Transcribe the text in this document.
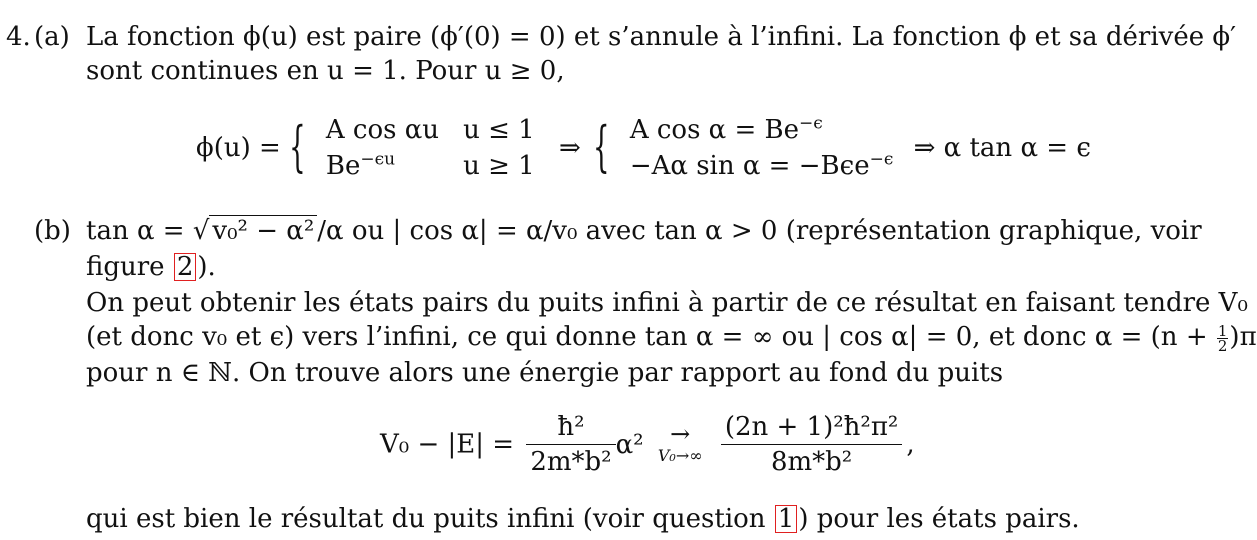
4. (a) La fonction ϕ(u) est paire (ϕ′(0) = 0) et s’annule à l’infini. La fonction ϕ et sa dérivée ϕ′
sont continues en u = 1. Pour u ≥ 0,
ϕ(u) = { A cos αu	u ≤ 1
$Be^{-\epsilon u}$	u ≥ 1 ⇒ { A $\cos \alpha = Be^{-\epsilon}$
−Aα sin α = −Bϵe$^{-\epsilon}$ ⇒ α tan α = ϵ
(b) tan α = √ v₀² − α² /α ou | cos α| = α/v₀ avec tan α > 0 (représentation graphique, voir
figure 2 ).
On peut obtenir les états pairs du puits infini à partir de ce résultat en faisant tendre V₀
(et donc v₀ et ϵ) vers l’infini, ce qui donne tan α = ∞ ou | cos α| = 0, et donc $\alpha = (n + \frac{1}{2} )\pi$
pour n ∈ ℕ. On trouve alors une énergie par rapport au fond du puits
$V_0 - |E| = \frac{\text{ħ²}}{\text{2m*b²}} \alpha^2$	→
V₀→∞
$\frac{\text{(2n + 1)²ħ²π²}}{\text{8m*b²}}$ ,
qui est bien le résultat du puits infini (voir question 1 ) pour les états pairs.
